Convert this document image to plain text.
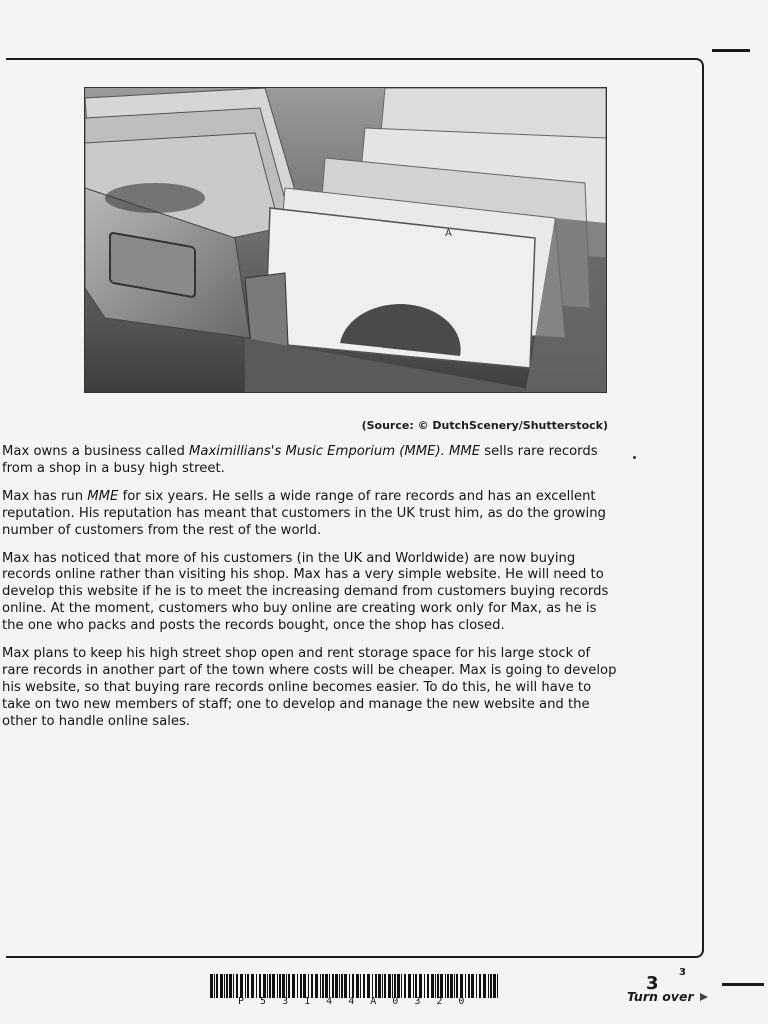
A
(Source: © DutchScenery/Shutterstock)

Max owns a business called Maximillians's Music Emporium (MME). MME sells rare records from a shop in a busy high street.

Max has run MME for six years. He sells a wide range of rare records and has an excellent reputation. His reputation has meant that customers in the UK trust him, as do the growing number of customers from the rest of the world.

Max has noticed that more of his customers (in the UK and Worldwide) are now buying records online rather than visiting his shop. Max has a very simple website. He will need to develop this website if he is to meet the increasing demand from customers buying records online. At the moment, customers who buy online are creating work only for Max, as he is the one who packs and posts the records bought, once the shop has closed.

Max plans to keep his high street shop open and rent storage space for his large stock of rare records in another part of the town where costs will be cheaper. Max is going to develop his website, so that buying rare records online becomes easier. To do this, he will have to take on two new members of staff; one to develop and manage the new website and the other to handle online sales.

P 5 3 1 4 4 A 0 3 2 0
3
3
Turn over
